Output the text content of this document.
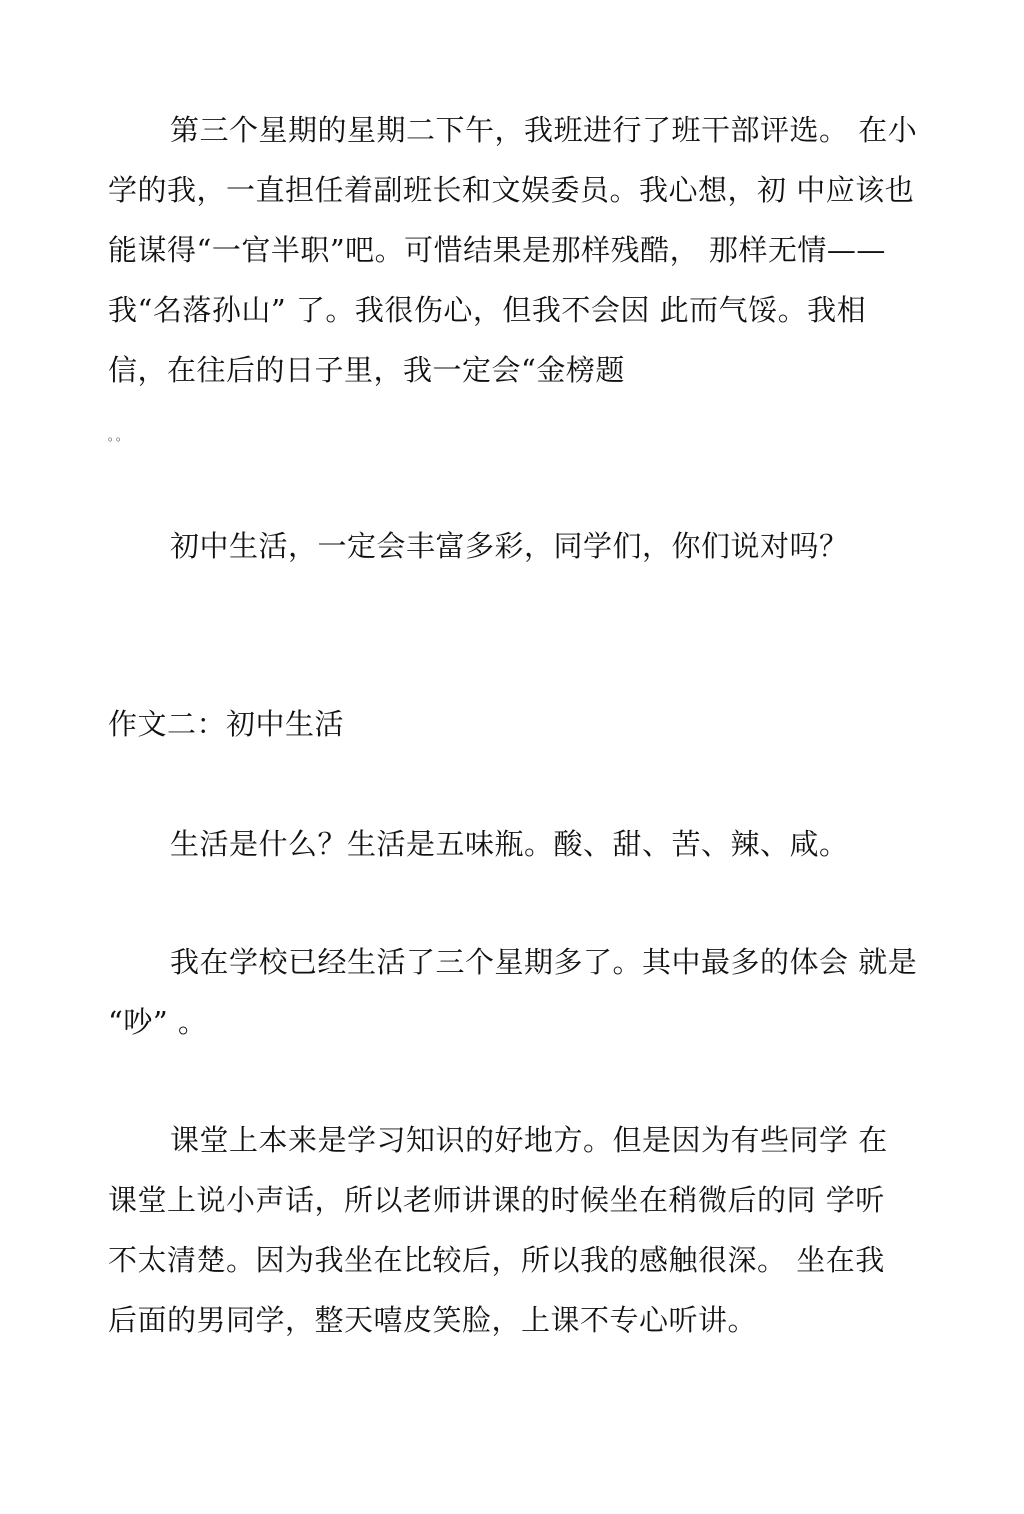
第三个星期的星期二下午，我班进行了班干部评选。 在小
学的我，一直担任着副班长和文娱委员。我心想，初 中应该也
能谋得“一官半职”吧。可惜结果是那样残酷， 那样无情——
我“名落孙山” 了。我很伤心，但我不会因 此而气馁。我相
信，在往后的日子里，我一定会“金榜题
。。
初中生活，一定会丰富多彩，同学们，你们说对吗？
作文二：初中生活
生活是什么？生活是五味瓶。酸、甜、苦、辣、咸。
我在学校已经生活了三个星期多了。其中最多的体会 就是
“吵” 。
课堂上本来是学习知识的好地方。但是因为有些同学 在
课堂上说小声话，所以老师讲课的时候坐在稍微后的同 学听
不太清楚。因为我坐在比较后，所以我的感触很深。 坐在我
后面的男同学，整天嘻皮笑脸，上课不专心听讲。
